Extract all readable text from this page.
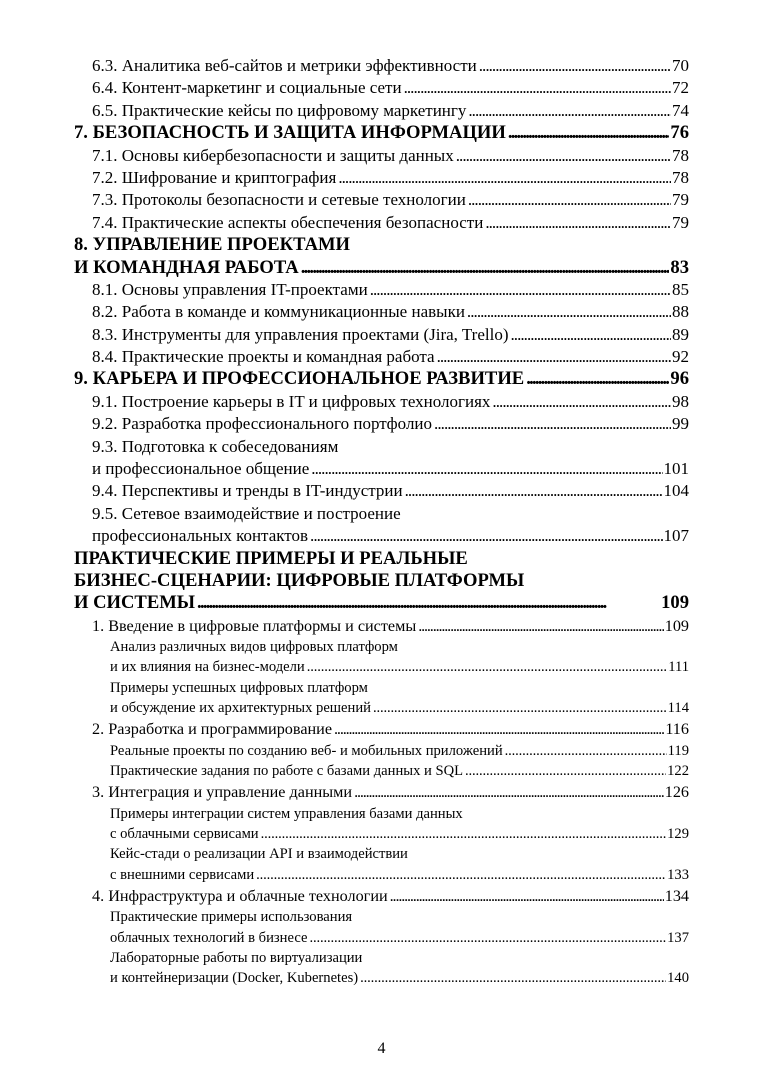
6.3. Аналитика веб-сайтов и метрики эффективности . . .	70
6.4. Контент-маркетинг и социальные сети . . .	72
6.5. Практические кейсы по цифровому маркетингу . . .	74
7. БЕЗОПАСНОСТЬ И ЗАЩИТА ИНФОРМАЦИИ . . .	76
7.1. Основы кибербезопасности и защиты данных . . .	78
7.2. Шифрование и криптография . . .	78
7.3. Протоколы безопасности и сетевые технологии . . .	79
7.4. Практические аспекты обеспечения безопасности . . .	79
8. УПРАВЛЕНИЕ ПРОЕКТАМИ
И КОМАНДНАЯ РАБОТА . . .	83
8.1. Основы управления IT-проектами . . .	85
8.2. Работа в команде и коммуникационные навыки . . .	88
8.3. Инструменты для управления проектами (Jira, Trello) . . .	89
8.4. Практические проекты и командная работа . . .	92
9. КАРЬЕРА И ПРОФЕССИОНАЛЬНОЕ РАЗВИТИЕ . . .	96
9.1. Построение карьеры в IT и цифровых технологиях . . .	98
9.2. Разработка профессионального портфолио . . .	99
9.3. Подготовка к собеседованиям
и профессиональное общение . . .	101
9.4. Перспективы и тренды в IT-индустрии . . .	104
9.5. Сетевое взаимодействие и построение
профессиональных контактов . . .	107
ПРАКТИЧЕСКИЕ ПРИМЕРЫ И РЕАЛЬНЫЕ
БИЗНЕС-СЦЕНАРИИ: ЦИФРОВЫЕ ПЛАТФОРМЫ
И СИСТЕМЫ . . .	109
1. Введение в цифровые платформы и системы . . .	109
Анализ различных видов цифровых платформ
и их влияния на бизнес-модели . . .	111
Примеры успешных цифровых платформ
и обсуждение их архитектурных решений . . .	114
2. Разработка и программирование . . .	116
Реальные проекты по созданию веб- и мобильных приложений . . .	119
Практические задания по работе с базами данных и SQL . . .	122
3. Интеграция и управление данными . . .	126
Примеры интеграции систем управления базами данных
с облачными сервисами . . .	129
Кейс-стади о реализации API и взаимодействии
с внешними сервисами . . .	133
4. Инфраструктура и облачные технологии . . .	134
Практические примеры использования
облачных технологий в бизнесе . . .	137
Лабораторные работы по виртуализации
и контейнеризации (Docker, Kubernetes) . . .	140
4
